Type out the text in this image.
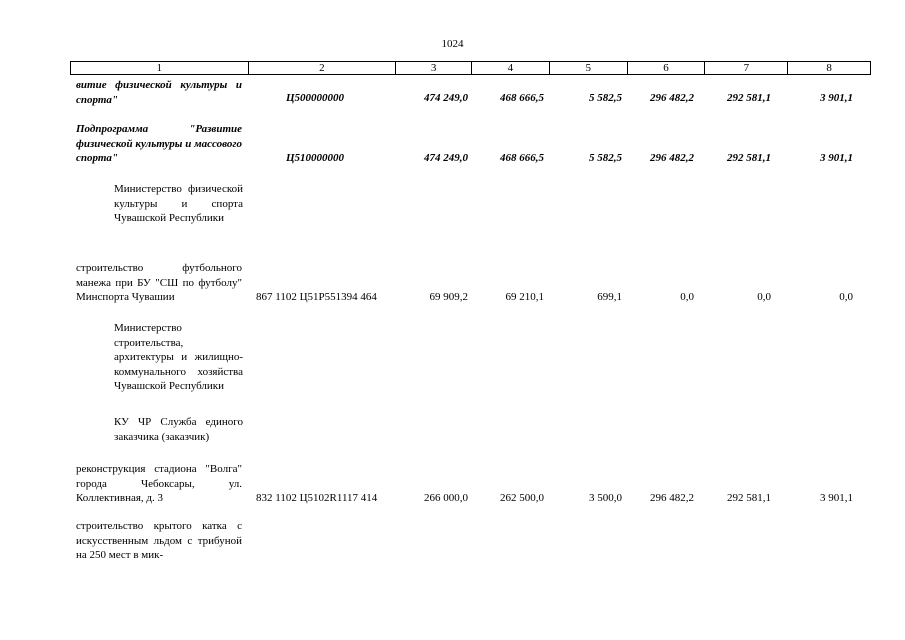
1024
1	2	3	4	5	6	7	8
витие физической культуры и спорта"	Ц500000000	474 249,0	468 666,5	5 582,5	296 482,2	292 581,1	3 901,1
Подпрограмма "Развитие физической культуры и массового спорта"	Ц510000000	474 249,0	468 666,5	5 582,5	296 482,2	292 581,1	3 901,1
Министерство физической культуры и спорта Чувашской Республики
строительство футбольного манежа при БУ "СШ по футболу" Минспорта Чувашии	867 1102 Ц51Р551394 464	69 909,2	69 210,1	699,1	0,0	0,0	0,0
Министерство строительства, архитектуры и жилищно-коммунального хозяйства Чувашской Республики
КУ ЧР Служба единого заказчика (заказчик)
реконструкция стадиона "Волга" города Чебоксары, ул. Коллективная, д. 3	832 1102 Ц5102R1117 414	266 000,0	262 500,0	3 500,0	296 482,2	292 581,1	3 901,1
строительство крытого катка с искусственным льдом с трибуной на 250 мест в мик-
